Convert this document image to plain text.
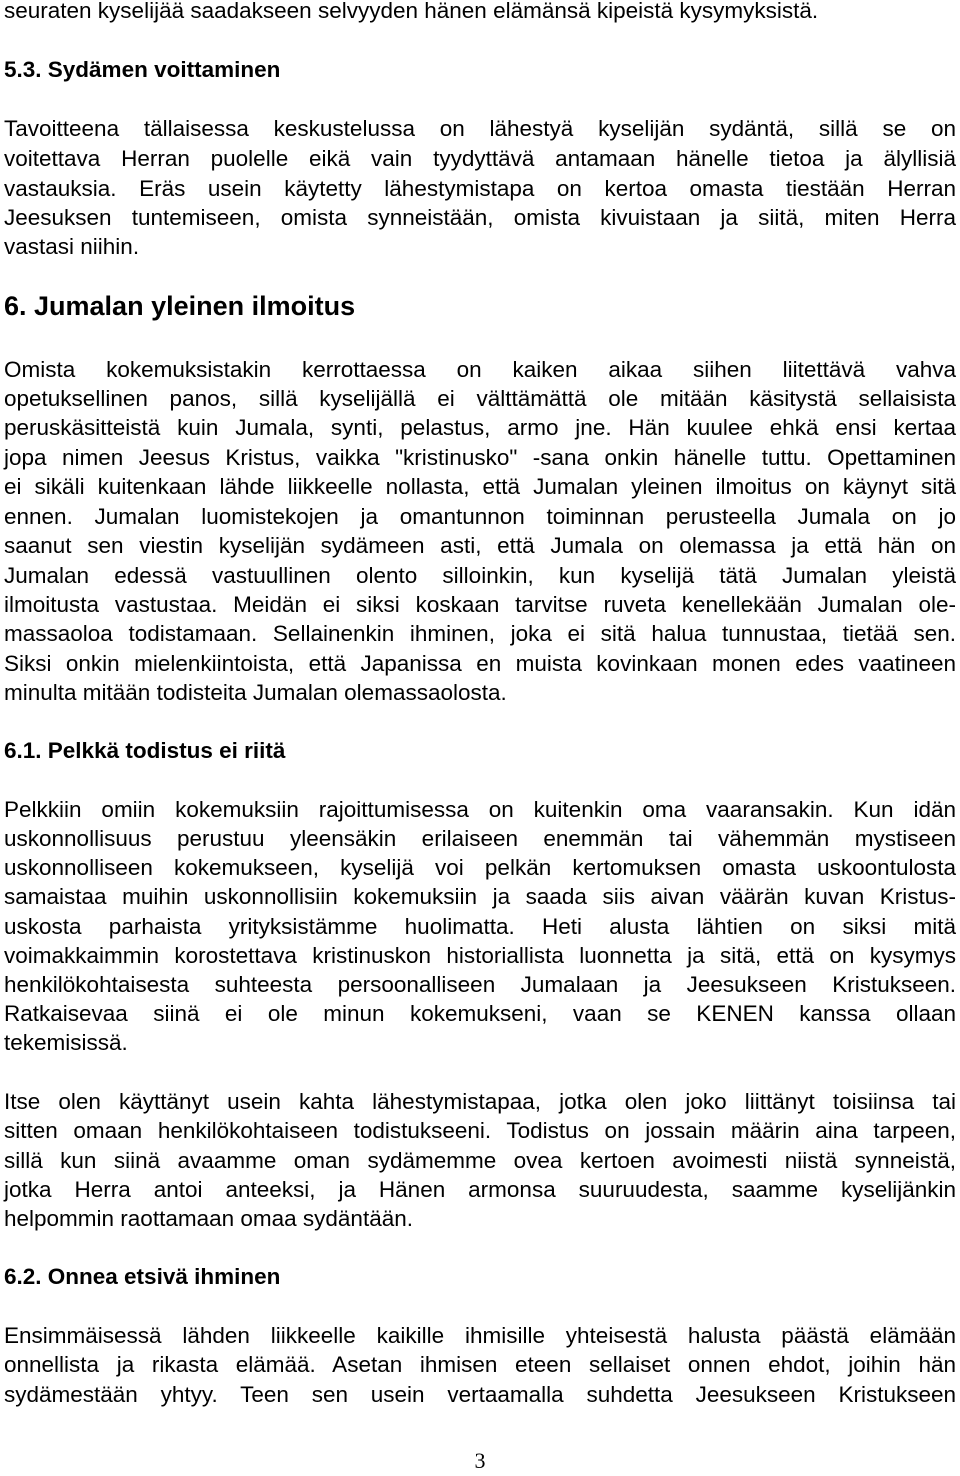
seuraten kyselijää saadakseen selvyyden hänen elämänsä kipeistä kysymyksistä.
5.3. Sydämen voittaminen
Tavoitteena tällaisessa keskustelussa on lähestyä kyselijän sydäntä, sillä se on
voitettava Herran puolelle eikä vain tyydyttävä antamaan hänelle tietoa ja älyllisiä
vastauksia. Eräs usein käytetty lähestymistapa on kertoa omasta tiestään Herran
Jeesuksen tuntemiseen, omista synneistään, omista kivuistaan ja siitä, miten Herra
vastasi niihin.
6. Jumalan yleinen ilmoitus
Omista kokemuksistakin kerrottaessa on kaiken aikaa siihen liitettävä vahva
opetuksellinen panos, sillä kyselijällä ei välttämättä ole mitään käsitystä sellaisista
peruskäsitteistä kuin Jumala, synti, pelastus, armo jne. Hän kuulee ehkä ensi kertaa
jopa nimen Jeesus Kristus, vaikka "kristinusko" -sana onkin hänelle tuttu. Opettaminen
ei sikäli kuitenkaan lähde liikkeelle nollasta, että Jumalan yleinen ilmoitus on käynyt sitä
ennen. Jumalan luomistekojen ja omantunnon toiminnan perusteella Jumala on jo
saanut sen viestin kyselijän sydämeen asti, että Jumala on olemassa ja että hän on
Jumalan edessä vastuullinen olento silloinkin, kun kyselijä tätä Jumalan yleistä
ilmoitusta vastustaa. Meidän ei siksi koskaan tarvitse ruveta kenellekään Jumalan ole-
massaoloa todistamaan. Sellainenkin ihminen, joka ei sitä halua tunnustaa, tietää sen.
Siksi onkin mielenkiintoista, että Japanissa en muista kovinkaan monen edes vaatineen
minulta mitään todisteita Jumalan olemassaolosta.
6.1. Pelkkä todistus ei riitä
Pelkkiin omiin kokemuksiin rajoittumisessa on kuitenkin oma vaaransakin. Kun idän
uskonnollisuus perustuu yleensäkin erilaiseen enemmän tai vähemmän mystiseen
uskonnolliseen kokemukseen, kyselijä voi pelkän kertomuksen omasta uskoontulosta
samaistaa muihin uskonnollisiin kokemuksiin ja saada siis aivan väärän kuvan Kristus-
uskosta parhaista yrityksistämme huolimatta. Heti alusta lähtien on siksi mitä
voimakkaimmin korostettava kristinuskon historiallista luonnetta ja sitä, että on kysymys
henkilökohtaisesta suhteesta persoonalliseen Jumalaan ja Jeesukseen Kristukseen.
Ratkaisevaa siinä ei ole minun kokemukseni, vaan se KENEN kanssa ollaan
tekemisissä.
Itse olen käyttänyt usein kahta lähestymistapaa, jotka olen joko liittänyt toisiinsa tai
sitten omaan henkilökohtaiseen todistukseeni. Todistus on jossain määrin aina tarpeen,
sillä kun siinä avaamme oman sydämemme ovea kertoen avoimesti niistä synneistä,
jotka Herra antoi anteeksi, ja Hänen armonsa suuruudesta, saamme kyselijänkin
helpommin raottamaan omaa sydäntään.
6.2. Onnea etsivä ihminen
Ensimmäisessä lähden liikkeelle kaikille ihmisille yhteisestä halusta päästä elämään
onnellista ja rikasta elämää. Asetan ihmisen eteen sellaiset onnen ehdot, joihin hän
sydämestään yhtyy. Teen sen usein vertaamalla suhdetta Jeesukseen Kristukseen
3
